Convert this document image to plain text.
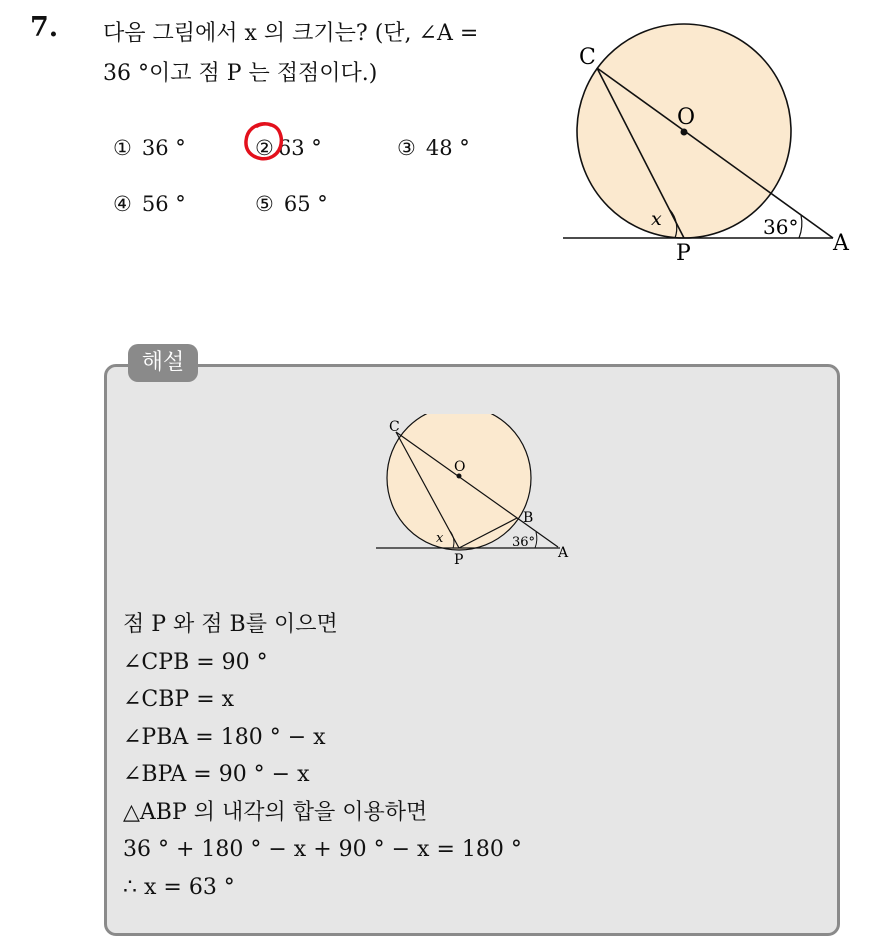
7. 다음 그림에서 x 의 크기는? (단, ∠A =
36 °이고 점 P 는 접점이다.)
① 36 °	② 63 °	③ 48 °
④ 56 °	⑤ 65 °
C
O
P	A
x	36°
해설
C
O
B
P	A
x	36°
점 P 와 점 B를 이으면
∠CPB = 90 °
∠CBP = x
∠PBA = 180 ° − x
∠BPA = 90 ° − x
△ABP 의 내각의 합을 이용하면
36 ° + 180 ° − x + 90 ° − x = 180 °
∴ x = 63 °
